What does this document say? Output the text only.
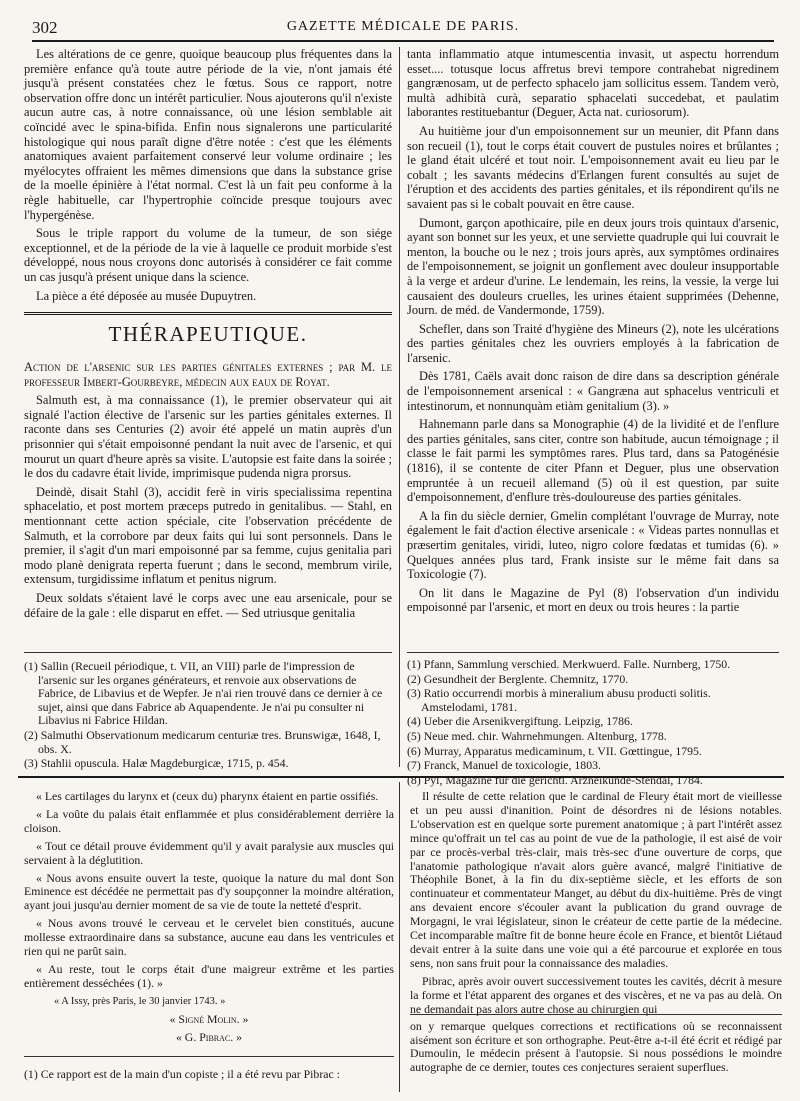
302	GAZETTE MÉDICALE DE PARIS.

Les altérations de ce genre, quoique beaucoup plus fréquentes dans la première enfance qu'à toute autre période de la vie, n'ont jamais été jusqu'à présent constatées chez le fœtus. Sous ce rapport, notre observation offre donc un intérêt particulier. Nous ajouterons qu'il n'existe aucun autre cas, à notre connaissance, où une lésion semblable ait coïncidé avec le spina-bifida. Enfin nous signalerons une particularité histologique qui nous paraît digne d'être notée : c'est que les éléments anatomiques avaient parfaitement conservé leur volume ordinaire ; les myélocytes offraient les mêmes dimensions que dans la substance grise de la moelle épinière à l'état normal. C'est là un fait peu conforme à la règle habituelle, car l'hypertrophie coïncide presque toujours avec l'hypergénèse.

Sous le triple rapport du volume de la tumeur, de son siége exceptionnel, et de la période de la vie à laquelle ce produit morbide s'est développé, nous nous croyons donc autorisés à considérer ce fait comme un cas jusqu'à présent unique dans la science.

La pièce a été déposée au musée Dupuytren.

THÉRAPEUTIQUE.

Action de l'arsenic sur les parties génitales externes ; par M. le professeur Imbert-Gourbeyre, médecin aux eaux de Royat.

Salmuth est, à ma connaissance (1), le premier observateur qui ait signalé l'action élective de l'arsenic sur les parties génitales externes. Il raconte dans ses Centuries (2) avoir été appelé un matin auprès d'un prisonnier qui s'était empoisonné pendant la nuit avec de l'arsenic, et qui mourut un quart d'heure après sa visite. L'autopsie est faite dans la soirée ; le dos du cadavre était livide, imprimisque pudenda nigra prorsus.

Deindè, disait Stahl (3), accidit ferè in viris specialissima repentina sphacelatio, et post mortem præceps putredo in genitalibus. — Stahl, en mentionnant cette action spéciale, cite l'observation précédente de Salmuth, et la corrobore par deux faits qui lui sont personnels. Dans le premier, il s'agit d'un mari empoisonné par sa femme, cujus genitalia pari modo planè denigrata reperta fuerunt ; dans le second, membrum virile, extensum, turgidissime inflatum et penitus nigrum.

Deux soldats s'étaient lavé le corps avec une eau arsenicale, pour se défaire de la gale : elle disparut en effet. — Sed utriusque genitalia

(1) Sallin (Recueil périodique, t. VII, an VIII) parle de l'impression de l'arsenic sur les organes générateurs, et renvoie aux observations de Fabrice, de Libavius et de Wepfer. Je n'ai rien trouvé dans ce dernier à ce sujet, ainsi que dans Fabrice ab Aquapendente. Je n'ai pu consulter ni Libavius ni Fabrice Hildan.
(2) Salmuthi Observationum medicarum centuriæ tres. Brunswigæ, 1648, I, obs. X.
(3) Stahlii opuscula. Halæ Magdeburgicæ, 1715, p. 454.

tanta inflammatio atque intumescentia invasit, ut aspectu horrendum esset.... totusque locus affretus brevi tempore contrahebat nigredinem gangrænosam, ut de perfecto sphacelo jam sollicitus essem. Tandem verò, multà adhibità curà, separatio sphacelati succedebat, et paulatim laborantes restituebantur (Deguer, Acta nat. curiosorum).

Au huitième jour d'un empoisonnement sur un meunier, dit Pfann dans son recueil (1), tout le corps était couvert de pustules noires et brûlantes ; le gland était ulcéré et tout noir. L'empoisonnement avait eu lieu par le cobalt ; les savants médecins d'Erlangen furent consultés au sujet de l'éruption et des accidents des parties génitales, et ils répondirent qu'ils ne savaient pas si le cobalt pouvait en être cause.

Dumont, garçon apothicaire, pile en deux jours trois quintaux d'arsenic, ayant son bonnet sur les yeux, et une serviette quadruple qui lui couvrait le menton, la bouche ou le nez ; trois jours après, aux symptômes ordinaires de l'empoisonnement, se joignit un gonflement avec douleur insupportable à la verge et ardeur d'urine. Le lendemain, les reins, la vessie, la verge lui causaient des douleurs cruelles, les urines étaient supprimées (Dehenne, Journ. de méd. de Vandermonde, 1759).

Schefler, dans son Traité d'hygiène des Mineurs (2), note les ulcérations des parties génitales chez les ouvriers employés à la fabrication de l'arsenic.

Dès 1781, Caëls avait donc raison de dire dans sa description générale de l'empoisonnement arsenical : « Gangræna aut sphacelus ventriculi et intestinorum, et nonnunquàm etiàm genitalium (3). »

Hahnemann parle dans sa Monographie (4) de la lividité et de l'enflure des parties génitales, sans citer, contre son habitude, aucun témoignage ; il classe le fait parmi les symptômes rares. Plus tard, dans sa Patogénésie (1816), il se contente de citer Pfann et Deguer, plus une observation empruntée à un recueil allemand (5) où il est question, par suite d'empoisonnement, d'enflure très-douloureuse des parties génitales.

A la fin du siècle dernier, Gmelin complétant l'ouvrage de Murray, note également le fait d'action élective arsenicale : « Videas partes nonnullas et præsertim genitales, viridi, luteo, nigro colore fœdatas et tumidas (6). » Quelques années plus tard, Frank insiste sur le même fait dans sa Toxicologie (7).

On lit dans le Magazine de Pyl (8) l'observation d'un individu empoisonné par l'arsenic, et mort en deux ou trois heures : la partie

(1) Pfann, Sammlung verschied. Merkwuerd. Falle. Nurnberg, 1750.
(2) Gesundheit der Berglente. Chemnitz, 1770.
(3) Ratio occurrendi morbis à mineralium abusu producti solitis. Amstelodami, 1781.
(4) Ueber die Arsenikvergiftung. Leipzig, 1786.
(5) Neue med. chir. Wahrnehmungen. Altenburg, 1778.
(6) Murray, Apparatus medicaminum, t. VII. Gœttingue, 1795.
(7) Franck, Manuel de toxicologie, 1803.
(8) Pyl, Magazine für die gerichtl. Arzneikunde-Stendal, 1784.

« Les cartilages du larynx et (ceux du) pharynx étaient en partie ossifiés.

« La voûte du palais était enflammée et plus considérablement derrière la cloison.

« Tout ce détail prouve évidemment qu'il y avait paralysie aux muscles qui servaient à la déglutition.

« Nous avons ensuite ouvert la teste, quoique la nature du mal dont Son Eminence est décédée ne permettait pas d'y soupçonner la moindre altération, ayant joui jusqu'au dernier moment de sa vie de toute la netteté d'esprit.

« Nous avons trouvé le cerveau et le cervelet bien constitués, aucune mollesse extraordinaire dans sa substance, aucune eau dans les ventricules et rien qui ne parût sain.

« Au reste, tout le corps était d'une maigreur extrême et les parties entièrement desséchées (1). »

« A Issy, près Paris, le 30 janvier 1743. »
« Signé Molin. »
« G. Pibrac. »
(1) Ce rapport est de la main d'un copiste ; il a été revu par Pibrac :

Il résulte de cette relation que le cardinal de Fleury était mort de vieillesse et un peu aussi d'inanition. Point de désordres ni de lésions notables. L'observation est en quelque sorte purement anatomique ; à part l'intérêt assez mince qu'offrait un tel cas au point de vue de la pathologie, il est aisé de voir par ce procès-verbal très-clair, mais très-sec d'une ouverture de corps, que l'anatomie pathologique n'avait alors guère avancé, malgré l'initiative de Théophile Bonet, à la fin du dix-septième siècle, et les efforts de son continuateur et commentateur Manget, au début du dix-huitième. Près de vingt ans devaient encore s'écouler avant la publication du grand ouvrage de Morgagni, le vrai législateur, sinon le créateur de cette partie de la médecine. Cet incomparable maître fit de bonne heure école en France, et bientôt Liétaud devait entrer à la suite dans une voie qui a été parcourue et explorée en tous sens, non sans fruit pour la connaissance des maladies.

Pibrac, après avoir ouvert successivement toutes les cavités, décrit à mesure la forme et l'état apparent des organes et des viscères, et ne va pas au delà. On ne demandait pas alors autre chose au chirurgien qui

on y remarque quelques corrections et rectifications où se reconnaissent aisément son écriture et son orthographe. Peut-être a-t-il été écrit et rédigé par Dumoulin, le médecin présent à l'autopsie. Si nous possédions le moindre autographe de ce dernier, toutes ces conjectures seraient superflues.
